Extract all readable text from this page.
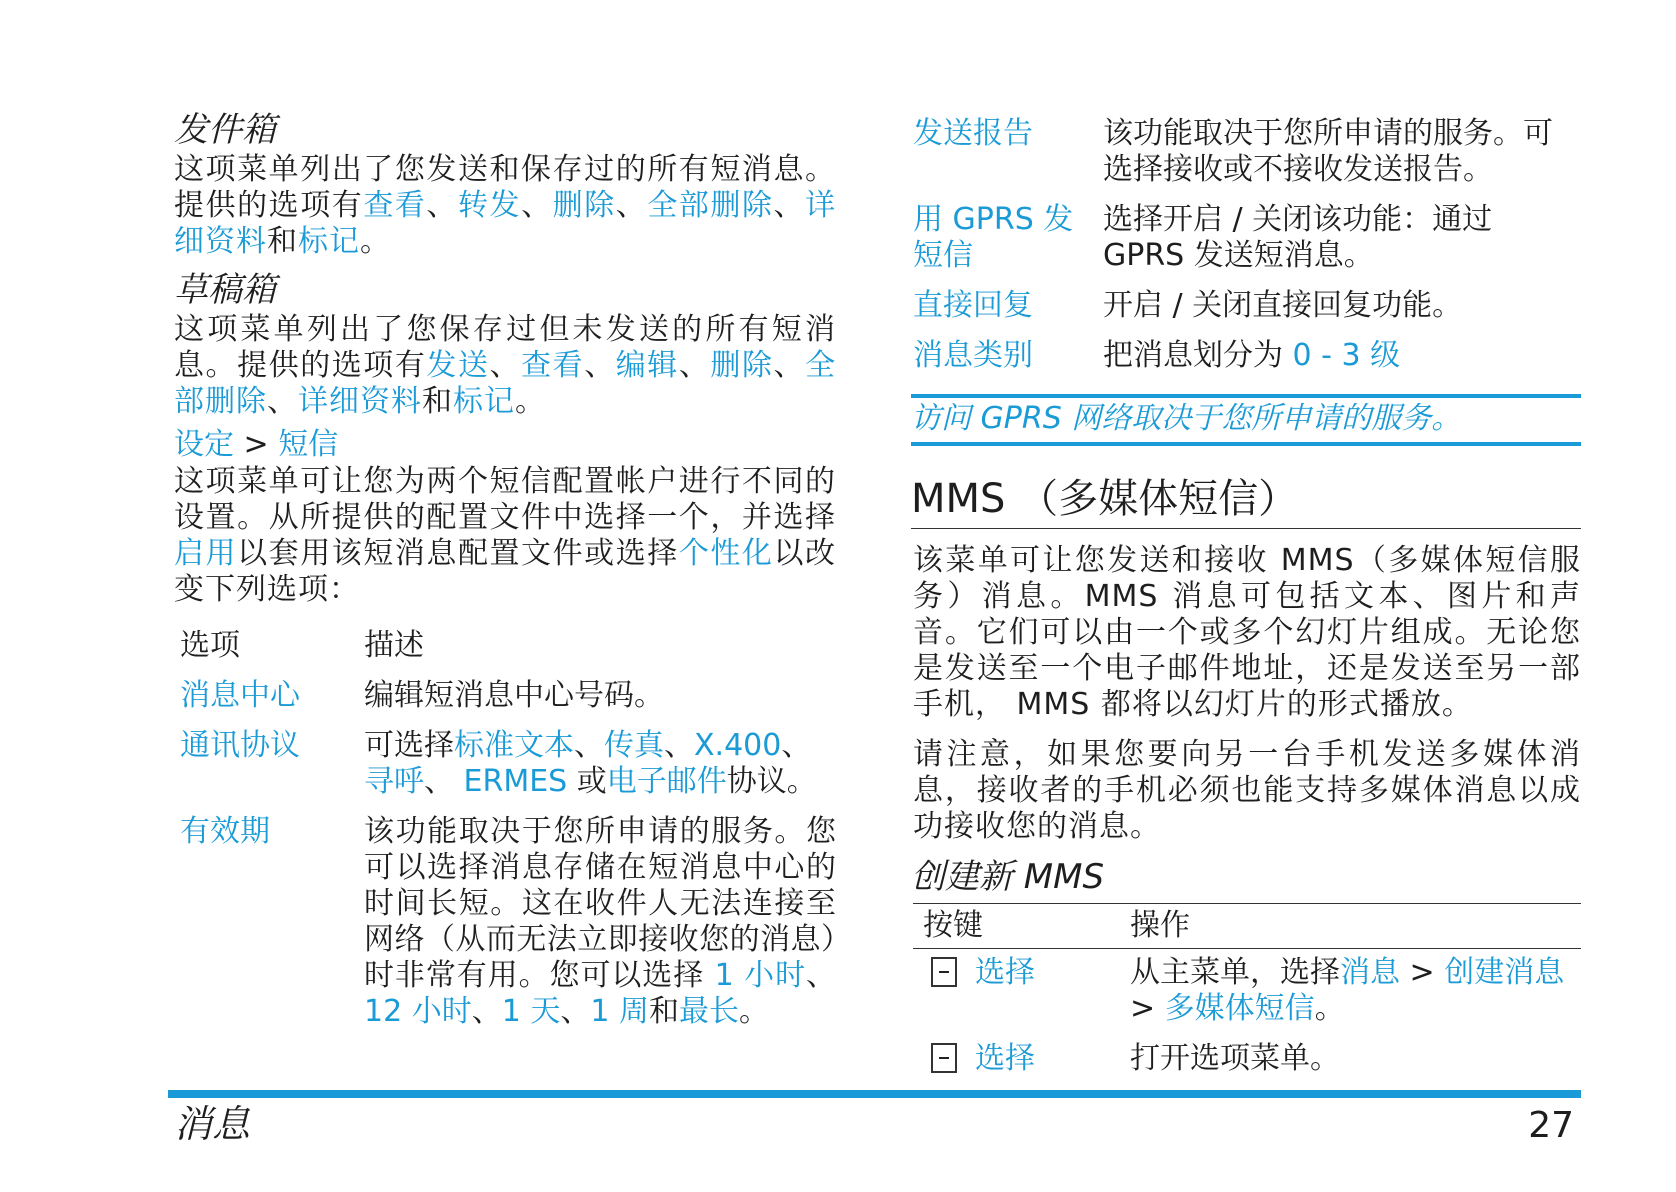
发件箱

这项菜单列出了您发送和保存过的所有短消息。提供的选项有查看、转发、删除、全部删除、详细资料和标记。

草稿箱

这项菜单列出了您保存过但未发送的所有短消息。提供的选项有发送、查看、编辑、删除、全部删除、详细资料和标记。

设定 > 短信

这项菜单可让您为两个短信配置帐户进行不同的设置。从所提供的配置文件中选择一个，并选择启用以套用该短消息配置文件或选择个性化以改变下列选项：

选项	描述
消息中心	编辑短消息中心号码。
通讯协议	可选择标准文本、传真、X.400、寻呼、 ERMES 或电子邮件协议。
有效期	该功能取决于您所申请的服务。您可以选择消息存储在短消息中心的时间长短。这在收件人无法连接至网络（从而无法立即接收您的消息）时非常有用。您可以选择 1 小时、12 小时、1 天、1 周和最长。
发送报告	该功能取决于您所申请的服务。可选择接收或不接收发送报告。
用 GPRS 发短信	选择开启 / 关闭该功能：通过 GPRS 发送短消息。
直接回复	开启 / 关闭直接回复功能。
消息类别	把消息划分为 0 - 3 级
访问 GPRS 网络取决于您所申请的服务。
MMS （多媒体短信）

该菜单可让您发送和接收 MMS（多媒体短信服务）消息。MMS 消息可包括文本、图片和声音。它们可以由一个或多个幻灯片组成。无论您是发送至一个电子邮件地址，还是发送至另一部手机， MMS 都将以幻灯片的形式播放。

请注意，如果您要向另一台手机发送多媒体消息，接收者的手机必须也能支持多媒体消息以成功接收您的消息。

创建新 MMS
按键	操作
选择	从主菜单，选择消息 > 创建消息
> 多媒体短信。
选择	打开选项菜单。
消息	27
